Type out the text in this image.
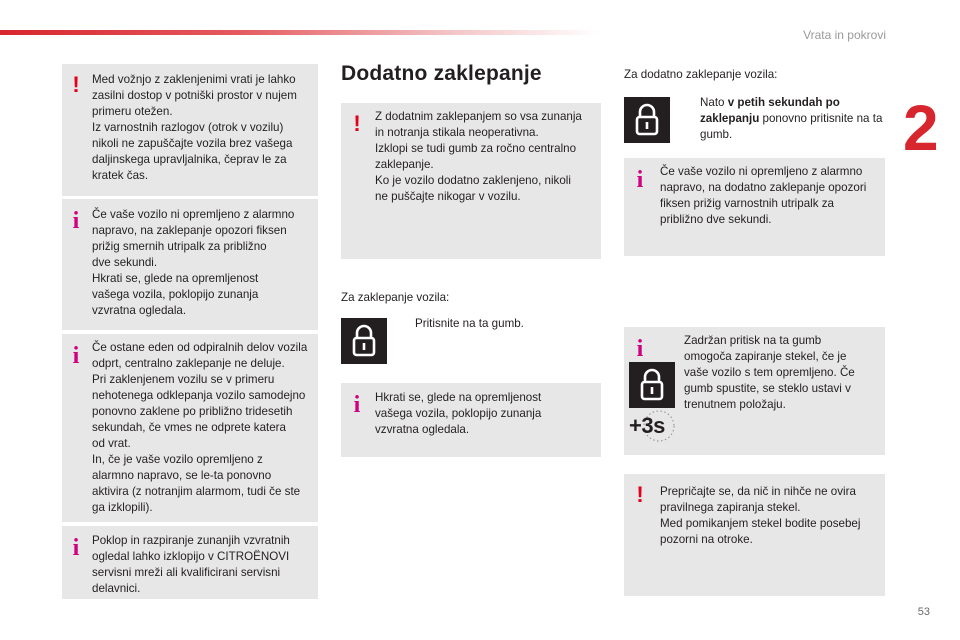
Vrata in pokrovi
2
53
! Med vožnjo z zaklenjenimi vrati je lahko
zasilni dostop v potniški prostor v nujem
primeru otežen.
Iz varnostnih razlogov (otrok v vozilu)
nikoli ne zapuščajte vozila brez vašega
daljinskega upravljalnika, čeprav le za
kratek čas.
i Če vaše vozilo ni opremljeno z alarmno
napravo, na zaklepanje opozori fiksen
prižig smernih utripalk za približno
dve sekundi.
Hkrati se, glede na opremljenost
vašega vozila, poklopijo zunanja
vzvratna ogledala.
i Če ostane eden od odpiralnih delov vozila
odprt, centralno zaklepanje ne deluje.
Pri zaklenjenem vozilu se v primeru
nehotenega odklepanja vozilo samodejno
ponovno zaklene po približno tridesetih
sekundah, če vmes ne odprete katera
od vrat.
In, če je vaše vozilo opremljeno z
alarmno napravo, se le-ta ponovno
aktivira (z notranjim alarmom, tudi če ste
ga izklopili).
i Poklop in razpiranje zunanjih vzvratnih
ogledal lahko izklopijo v CITROËNOVI
servisni mreži ali kvalificirani servisni
delavnici.
Dodatno zaklepanje
! Z dodatnim zaklepanjem so vsa zunanja
in notranja stikala neoperativna.
Izklopi se tudi gumb za ročno centralno
zaklepanje.
Ko je vozilo dodatno zaklenjeno, nikoli
ne puščajte nikogar v vozilu.
Za zaklepanje vozila:
Pritisnite na ta gumb.
i Hkrati se, glede na opremljenost
vašega vozila, poklopijo zunanja
vzvratna ogledala.
Za dodatno zaklepanje vozila:
Nato v petih sekundah po zaklepanju ponovno pritisnite na ta gumb.
i Če vaše vozilo ni opremljeno z alarmno
napravo, na dodatno zaklepanje opozori
fiksen prižig varnostnih utripalk za
približno dve sekundi.
i	Zadržan pritisk na ta gumb
omogoča zapiranje stekel, če je
vaše vozilo s tem opremljeno. Če
gumb spustite, se steklo ustavi v
trenutnem položaju.
+3s
! Prepričajte se, da nič in nihče ne ovira
pravilnega zapiranja stekel.
Med pomikanjem stekel bodite posebej
pozorni na otroke.
